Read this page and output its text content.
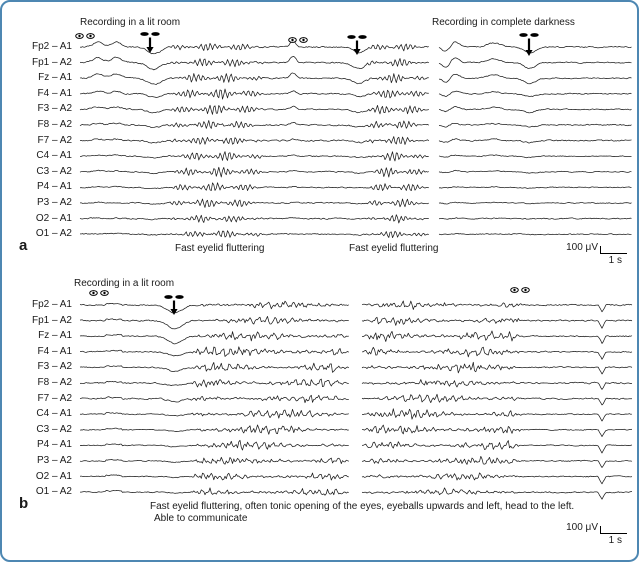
Recording in a lit room	Recording in complete darkness
a	Fast eyelid fluttering	Fast eyelid fluttering	100 μV
1 s
Recording in a lit room
b	Fast eyelid fluttering, often tonic opening of the eyes, eyeballs upwards and left, head to the left.
Able to communicate
100 μV
1 s
Fp2 – A1
Fp1 – A2
Fz – A1
F4 – A1
F3 – A2
F8 – A2
F7 – A2
C4 – A1
C3 – A2
P4 – A1
P3 – A2
O2 – A1
O1 – A2
Fp2 – A1
Fp1 – A2
Fz – A1
F4 – A1
F3 – A2
F8 – A2
F7 – A2
C4 – A1
C3 – A2
P4 – A1
P3 – A2
O2 – A1
O1 – A2
